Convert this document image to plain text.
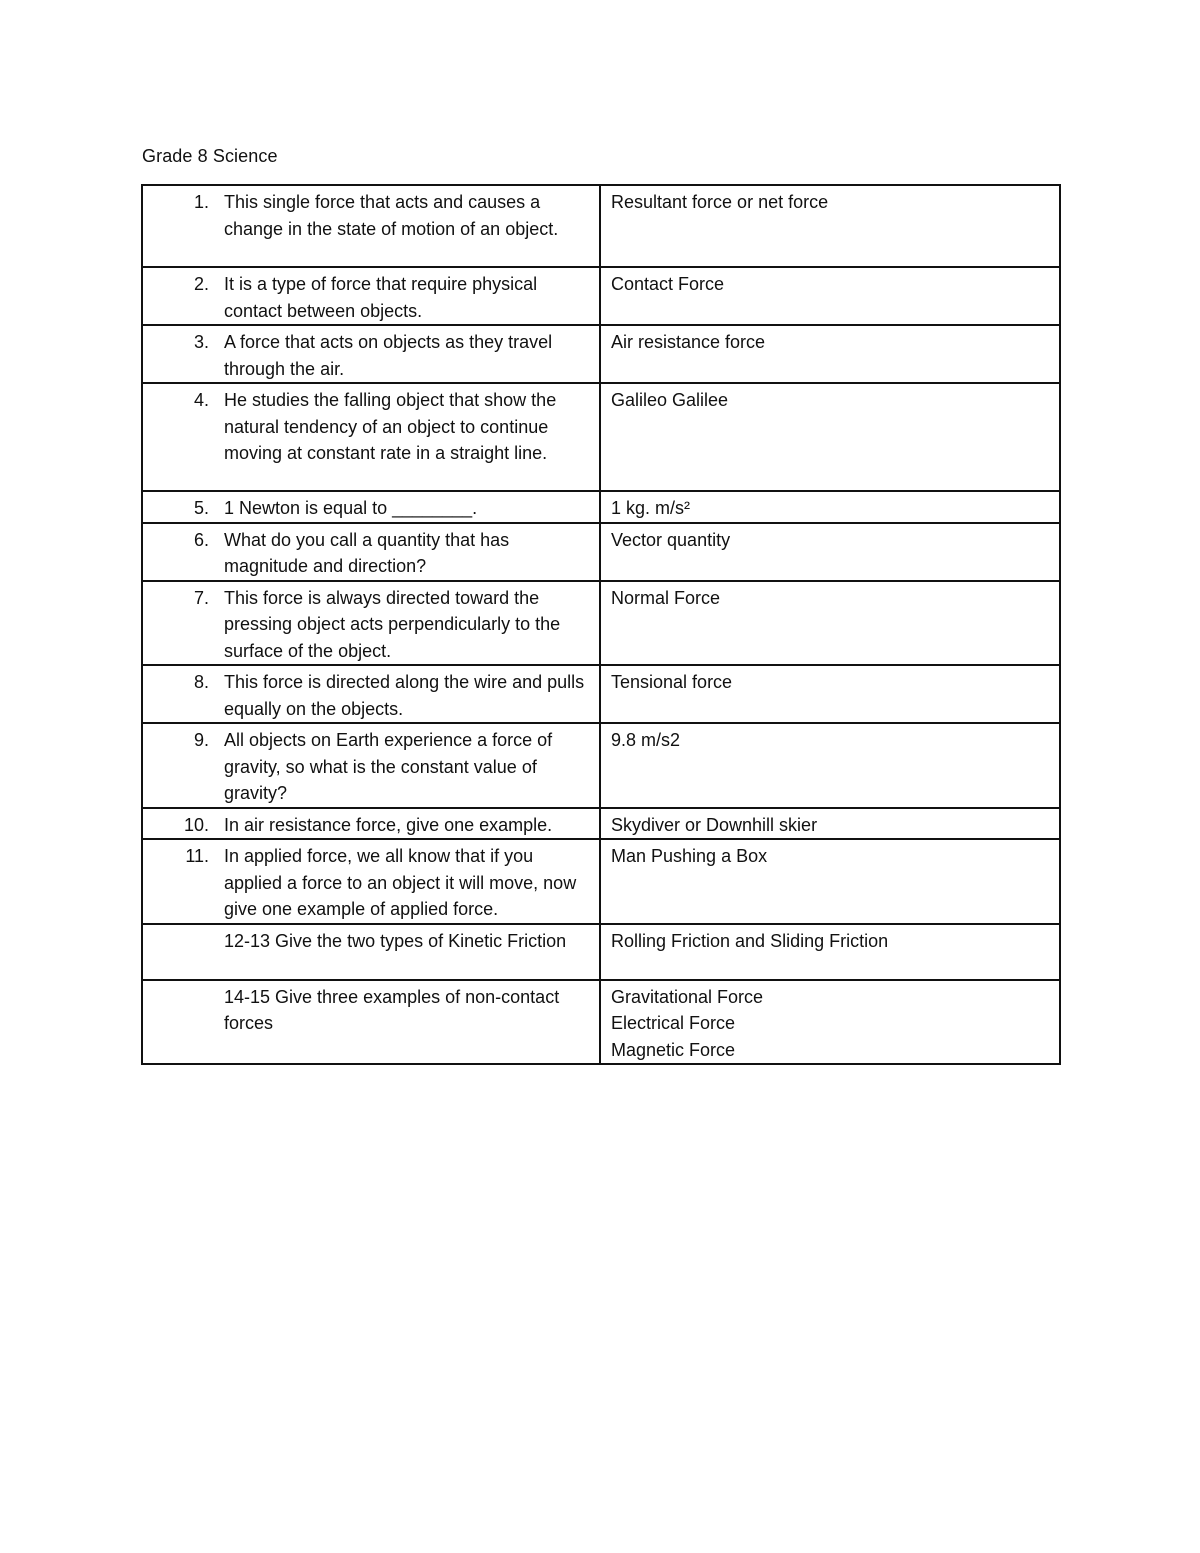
Grade 8 Science
1. This single force that acts and causes a change in the state of motion of an object.	Resultant force or net force

2. It is a type of force that require physical contact between objects.	Contact Force

3. A force that acts on objects as they travel through the air.	Air resistance force

4. He studies the falling object that show the natural tendency of an object to continue moving at constant rate in a straight line.	Galileo Galilee

5. 1 Newton is equal to ________.	1 kg. m/s²

6. What do you call a quantity that has magnitude and direction?	Vector quantity

7. This force is always directed toward the pressing object acts perpendicularly to the surface of the object.	Normal Force

8. This force is directed along the wire and pulls equally on the objects.	Tensional force

9. All objects on Earth experience a force of gravity, so what is the constant value of gravity?	9.8 m/s2

10. In air resistance force, give one example.	Skydiver or Downhill skier

11. In applied force, we all know that if you applied a force to an object it will move, now give one example of applied force.	Man Pushing a Box

12-13 Give the two types of Kinetic Friction	Rolling Friction and Sliding Friction

14-15 Give three examples of non-contact forces	Gravitational Force
Electrical Force
Magnetic Force
